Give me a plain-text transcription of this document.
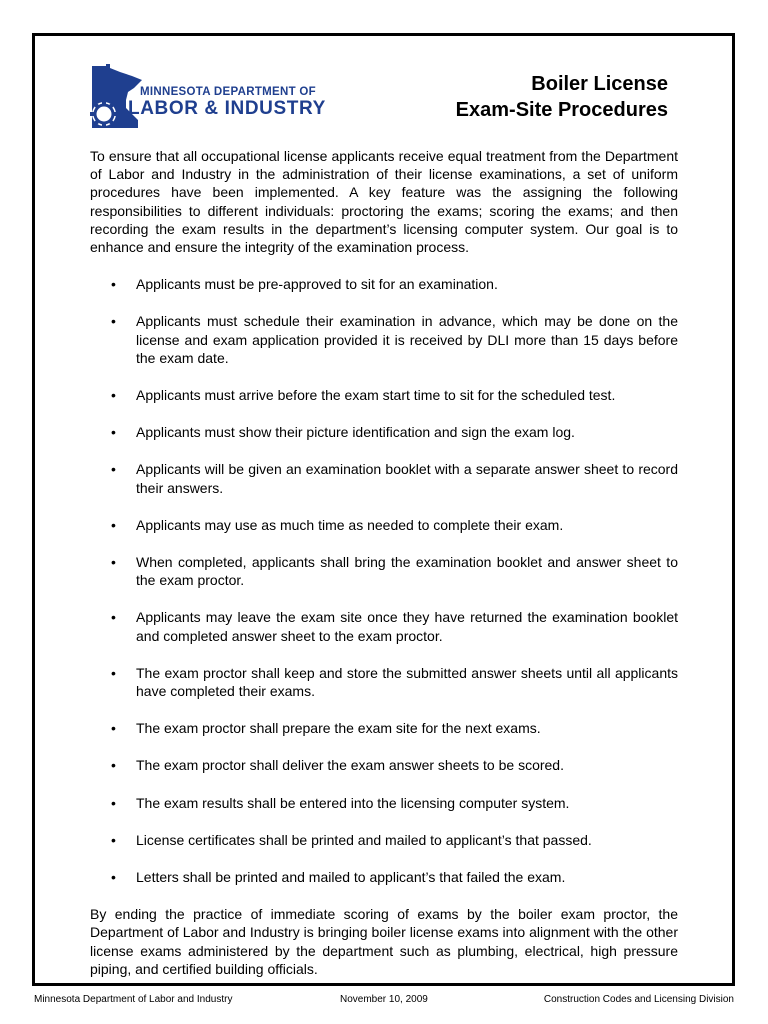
MINNESOTA DEPARTMENT OF
LABOR & INDUSTRY
Boiler License
Exam-Site Procedures

To ensure that all occupational license applicants receive equal treatment from the Department of Labor and Industry in the administration of their license examinations, a set of uniform procedures have been implemented. A key feature was the assigning the following responsibilities to different individuals: proctoring the exams; scoring the exams; and then recording the exam results in the department’s licensing computer system. Our goal is to enhance and ensure the integrity of the examination process.

• Applicants must be pre-approved to sit for an examination.
• Applicants must schedule their examination in advance, which may be done on the license and exam application provided it is received by DLI more than 15 days before the exam date.
• Applicants must arrive before the exam start time to sit for the scheduled test.
• Applicants must show their picture identification and sign the exam log.
• Applicants will be given an examination booklet with a separate answer sheet to record their answers.
• Applicants may use as much time as needed to complete their exam.
• When completed, applicants shall bring the examination booklet and answer sheet to the exam proctor.
• Applicants may leave the exam site once they have returned the examination booklet and completed answer sheet to the exam proctor.
• The exam proctor shall keep and store the submitted answer sheets until all applicants have completed their exams.
• The exam proctor shall prepare the exam site for the next exams.
• The exam proctor shall deliver the exam answer sheets to be scored.
• The exam results shall be entered into the licensing computer system.
• License certificates shall be printed and mailed to applicant’s that passed.
• Letters shall be printed and mailed to applicant’s that failed the exam.

By ending the practice of immediate scoring of exams by the boiler exam proctor, the Department of Labor and Industry is bringing boiler license exams into alignment with the other license exams administered by the department such as plumbing, electrical, high pressure piping, and certified building officials.

Minnesota Department of Labor and Industry	November 10, 2009	Construction Codes and Licensing Division
